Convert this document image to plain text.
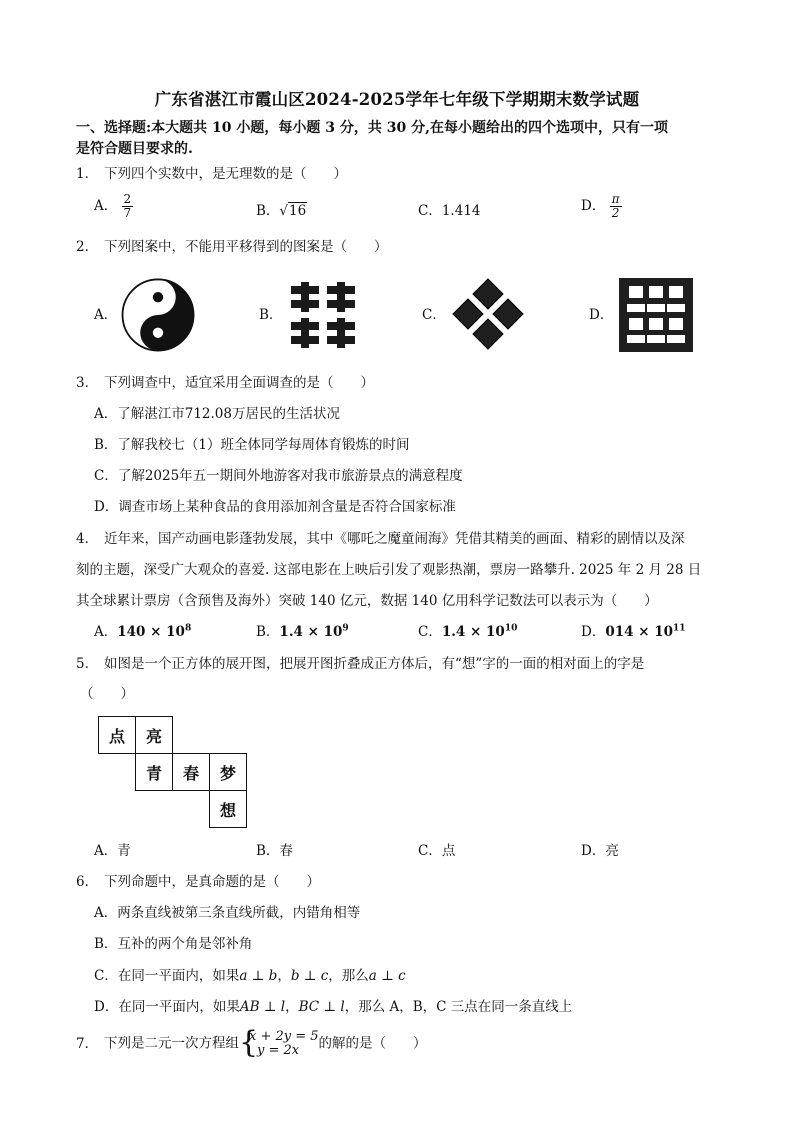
广东省湛江市霞山区2024-2025学年七年级下学期期末数学试题
一、选择题:本大题共 10 小题，每小题 3 分，共 30 分,在每小题给出的四个选项中，只有一项
是符合题目要求的.
1． 下列四个实数中，是无理数的是（　　）
A． $\frac{2}{7}$	B．√16	C．1.414	D． $\frac{\pi}{2}$
2． 下列图案中，不能用平移得到的图案是（　　）
A．	B．	C．	D．
3． 下列调查中，适宜采用全面调查的是（　　）
A．了解湛江市712.08万居民的生活状况
B．了解我校七（1）班全体同学每周体育锻炼的时间
C．了解2025年五一期间外地游客对我市旅游景点的满意程度
D．调查市场上某种食品的食用添加剂含量是否符合国家标准
4． 近年来，国产动画电影蓬勃发展，其中《哪吒之魔童闹海》凭借其精美的画面、精彩的剧情以及深
刻的主题，深受广大观众的喜爱. 这部电影在上映后引发了观影热潮，票房一路攀升. 2025 年 2 月 28 日
其全球累计票房（含预售及海外）突破 140 亿元，数据 140 亿用科学记数法可以表示为（　　）
A．$140 \times 10^8$	B．$1.4 \times 10^9$	C．$1.4 \times 10^{10}$	D．$014 \times 10^{11}$
5． 如图是一个正方体的展开图，把展开图折叠成正方体后，有“想”字的一面的相对面上的字是
（　　）
点	亮
青	春	梦
想
A．青	B．春	C．点	D．亮
6． 下列命题中，是真命题的是（　　）
A．两条直线被第三条直线所截，内错角相等
B．互补的两个角是邻补角
C．在同一平面内，如果a ⊥ b，b ⊥ c，那么a ⊥ c
D．在同一平面内，如果AB ⊥ l，BC ⊥ l，那么 A，B，C 三点在同一条直线上
7． 下列是二元一次方程组 {
x + 2y = 5
y = 2x	的解的是（　　）
